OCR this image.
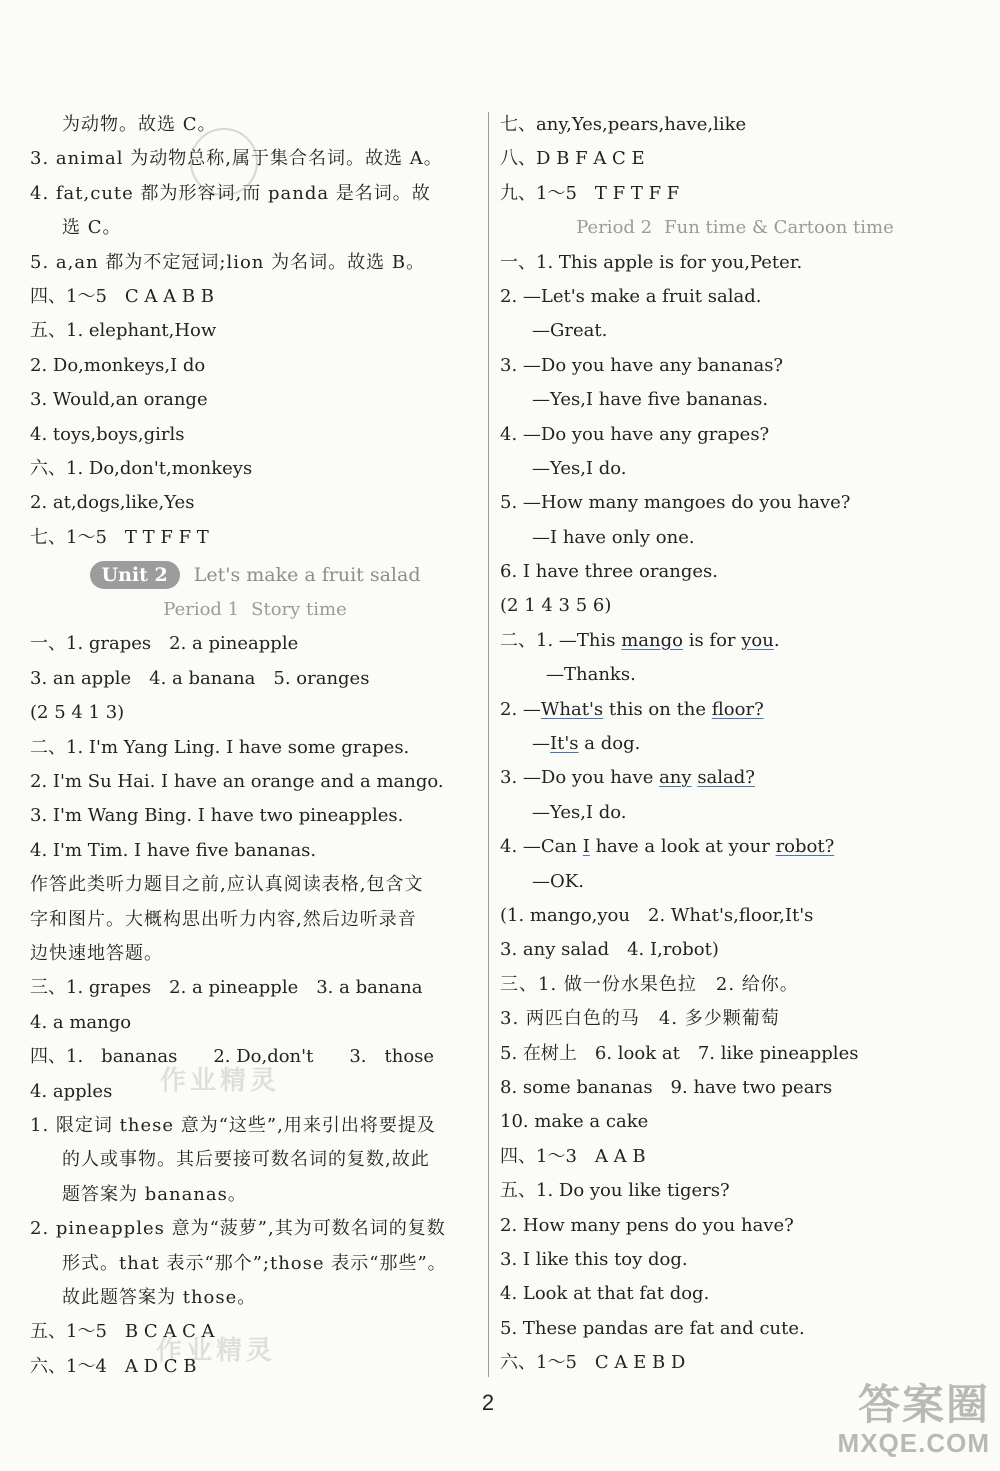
作业精灵
作业精灵
为动物。故选 C。
3. animal 为动物总称,属于集合名词。故选 A。
4. fat,cute 都为形容词,而 panda 是名词。故
选 C。
5. a,an 都为不定冠词;lion 为名词。故选 B。
四、1～5　C A A B B
五、1. elephant,How
2. Do,monkeys,I do
3. Would,an orange
4. toys,boys,girls
六、1. Do,don't,monkeys
2. at,dogs,like,Yes
七、1～5　T T F F T
Unit 2 Let's make a fruit salad
Period 1 Story time
一、1. grapes　2. a pineapple
3. an apple　4. a banana　5. oranges
(2 5 4 1 3)
二、1. I'm Yang Ling. I have some grapes.
2. I'm Su Hai. I have an orange and a mango.
3. I'm Wang Bing. I have two pineapples.
4. I'm Tim. I have five bananas.
作答此类听力题目之前,应认真阅读表格,包含文
字和图片。大概构思出听力内容,然后边听录音
边快速地答题。
三、1. grapes　2. a pineapple　3. a banana
4. a mango
四、1.　bananas　　2. Do,don't　　3.　those
4. apples
1. 限定词 these 意为“这些”,用来引出将要提及
的人或事物。其后要接可数名词的复数,故此
题答案为 bananas。
2. pineapples 意为“菠萝”,其为可数名词的复数
形式。that 表示“那个”;those 表示“那些”。
故此题答案为 those。
五、1～5　B C A C A
六、1～4　A D C B
七、any,Yes,pears,have,like
八、D B F A C E
九、1～5　T F T F F
Period 2 Fun time & Cartoon time
一、1. This apple is for you,Peter.
2. —Let's make a fruit salad.
—Great.
3. —Do you have any bananas?
—Yes,I have five bananas.
4. —Do you have any grapes?
—Yes,I do.
5. —How many mangoes do you have?
—I have only one.
6. I have three oranges.
(2 1 4 3 5 6)
二、1. —This mango is for you.
—Thanks.
2. —What's this on the floor?
—It's a dog.
3. —Do you have any salad?
—Yes,I do.
4. —Can I have a look at your robot?
—OK.
(1. mango,you　2. What's,floor,It's
3. any salad　4. I,robot)
三、1. 做一份水果色拉　2. 给你。
3. 两匹白色的马　4. 多少颗葡萄
5. 在树上　6. look at　7. like pineapples
8. some bananas　9. have two pears
10. make a cake
四、1～3　A A B
五、1. Do you like tigers?
2. How many pens do you have?
3. I like this toy dog.
4. Look at that fat dog.
5. These pandas are fat and cute.
六、1～5　C A E B D
2	答案圈
MXQE.COM
